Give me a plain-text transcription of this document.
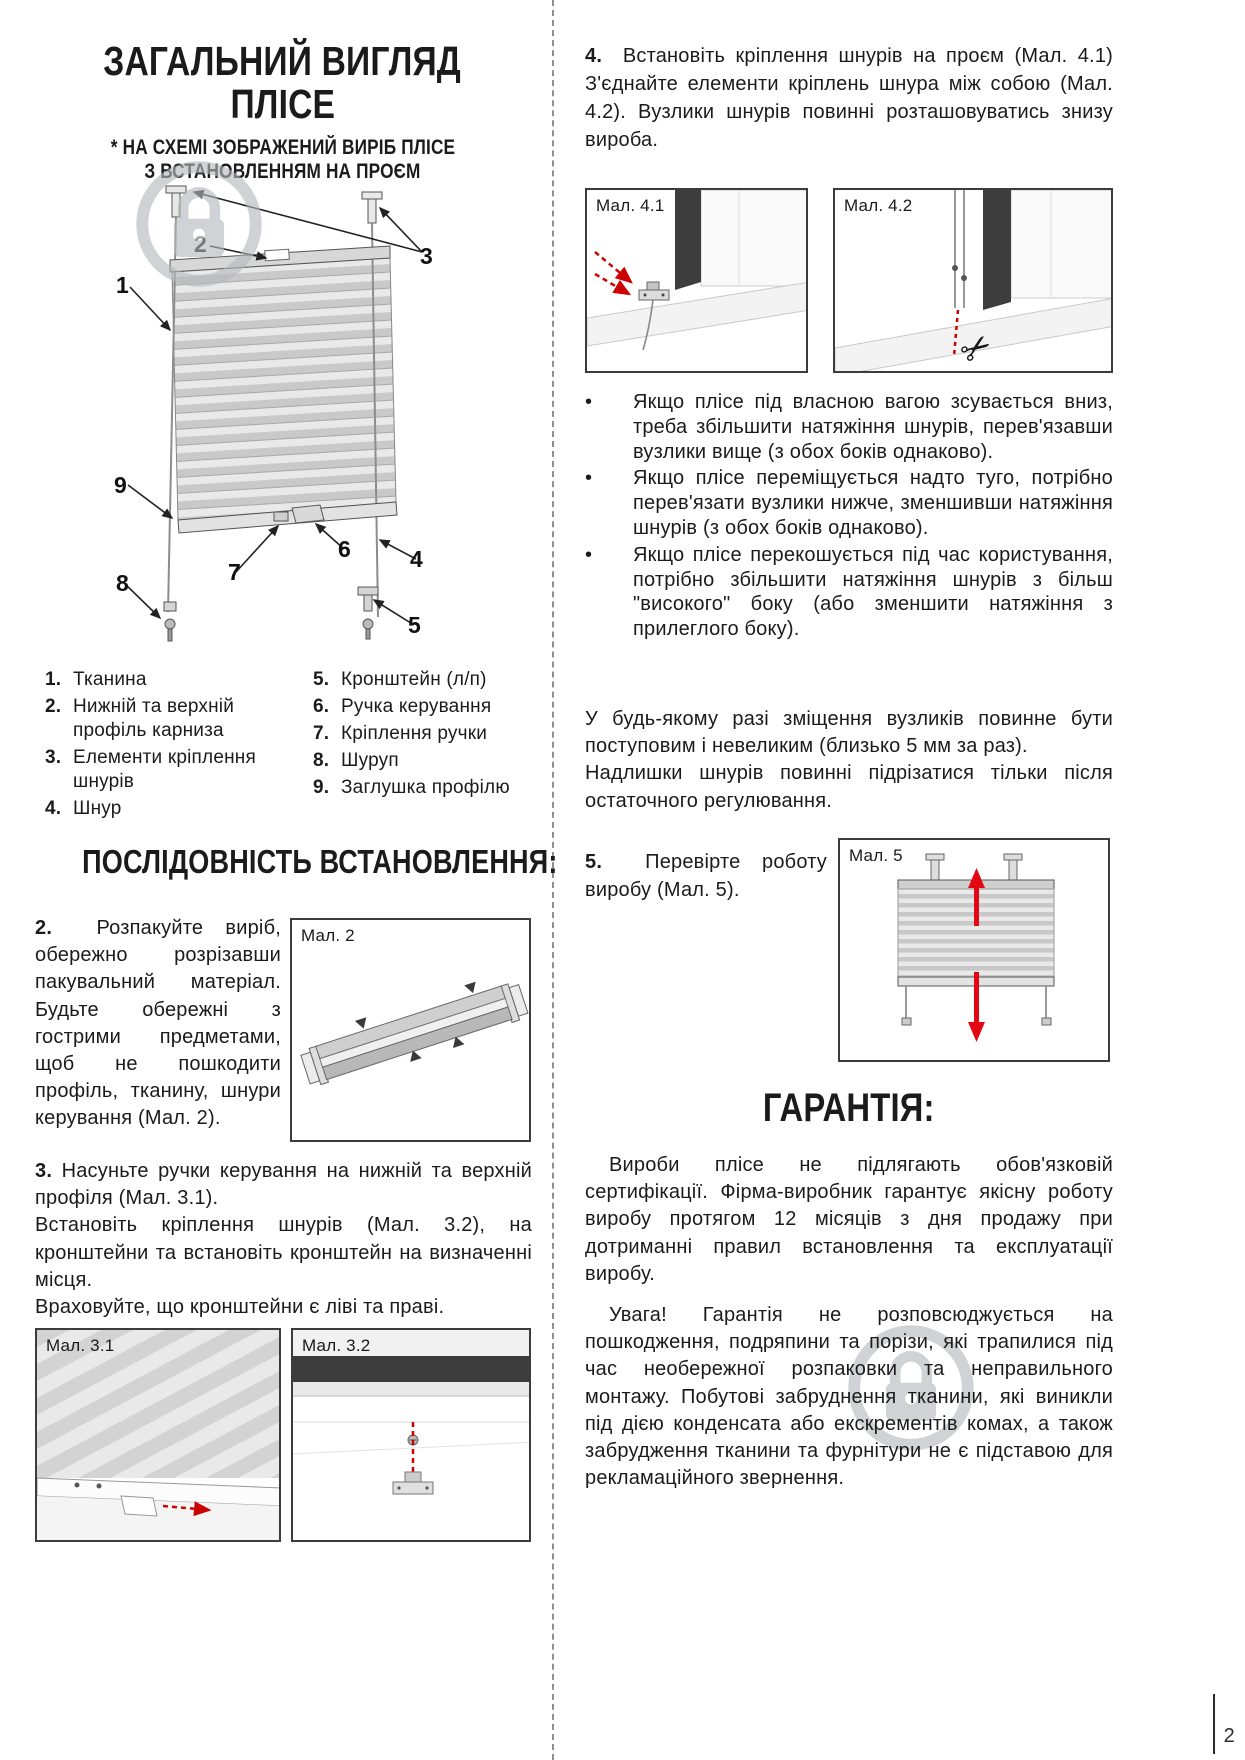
ЗАГАЛЬНИЙ ВИГЛЯД
ПЛІСЕ
* НА СХЕМІ ЗОБРАЖЕНИЙ ВИРІБ ПЛІСЕ
З ВСТАНОВЛЕННЯМ НА ПРОЄМ
1
3
4
5
6
7
8
9
1. Тканина
2. Нижній та верхній профіль карниза
3. Елементи кріплення шнурів
4. Шнур
5. Кронштейн (л/п)
6. Ручка керування
7. Кріплення ручки
8. Шуруп
9. Заглушка профілю
ПОСЛІДОВНІСТЬ ВСТАНОВЛЕННЯ:
2. Розпакуйте виріб, обережно розрізавши пакувальний матеріал. Будьте обережні з гострими предметами, щоб не пошкодити профіль, тканину, шнури керування (Мал. 2).
Мал. 2

3. Насуньте ручки керування на нижній та верхній профіля (Мал. 3.1).

Встановіть кріплення шнурів (Мал. 3.2), на кронштейни та встановіть кронштейн на визначенні місця.

Враховуйте, що кронштейни є ліві та праві.

Мал. 3.1	Мал. 3.2
4. Встановіть кріплення шнурів на проєм (Мал. 4.1) З'єднайте елементи кріплень шнура між собою (Мал. 4.2). Вузлики шнурів повинні розташовуватись знизу вироба.
Мал. 4.1	Мал. 4.2
✂
•	Якщо плісе під власною вагою зсувається вниз, треба збільшити натяжіння шнурів, перев'язавши вузлики вище (з обох боків однаково).
•	Якщо плісе переміщується надто туго, потрібно перев'язати вузлики нижче, зменшивши натяжіння шнурів (з обох боків однаково).
•	Якщо плісе перекошується під час користування, потрібно збільшити натяжіння шнурів з більш "високого" боку (або зменшити натяжіння з прилеглого боку).
У будь-якому разі зміщення вузликів повинне бути поступовим і невеликим (близько 5 мм за раз).
Надлишки шнурів повинні підрізатися тільки після остаточного регулювання.
5. Перевірте роботу виробу (Мал. 5).
Мал. 5
ГАРАНТІЯ:
Вироби плісе не підлягають обов'язковій сертифікації. Фірма-виробник гарантує якісну роботу виробу протягом 12 місяців з дня продажу при дотриманні правил встановлення та експлуатації виробу.
Увага! Гарантія не розповсюджується на пошкодження, подряпини та порізи, які трапилися під час необережної розпаковки та неправильного монтажу. Побутові забруднення тканини, які виникли під дією конденсата або екскрементів комах, а також забрудження тканини та фурнітури не є підставою для рекламаційного звернення.
2
